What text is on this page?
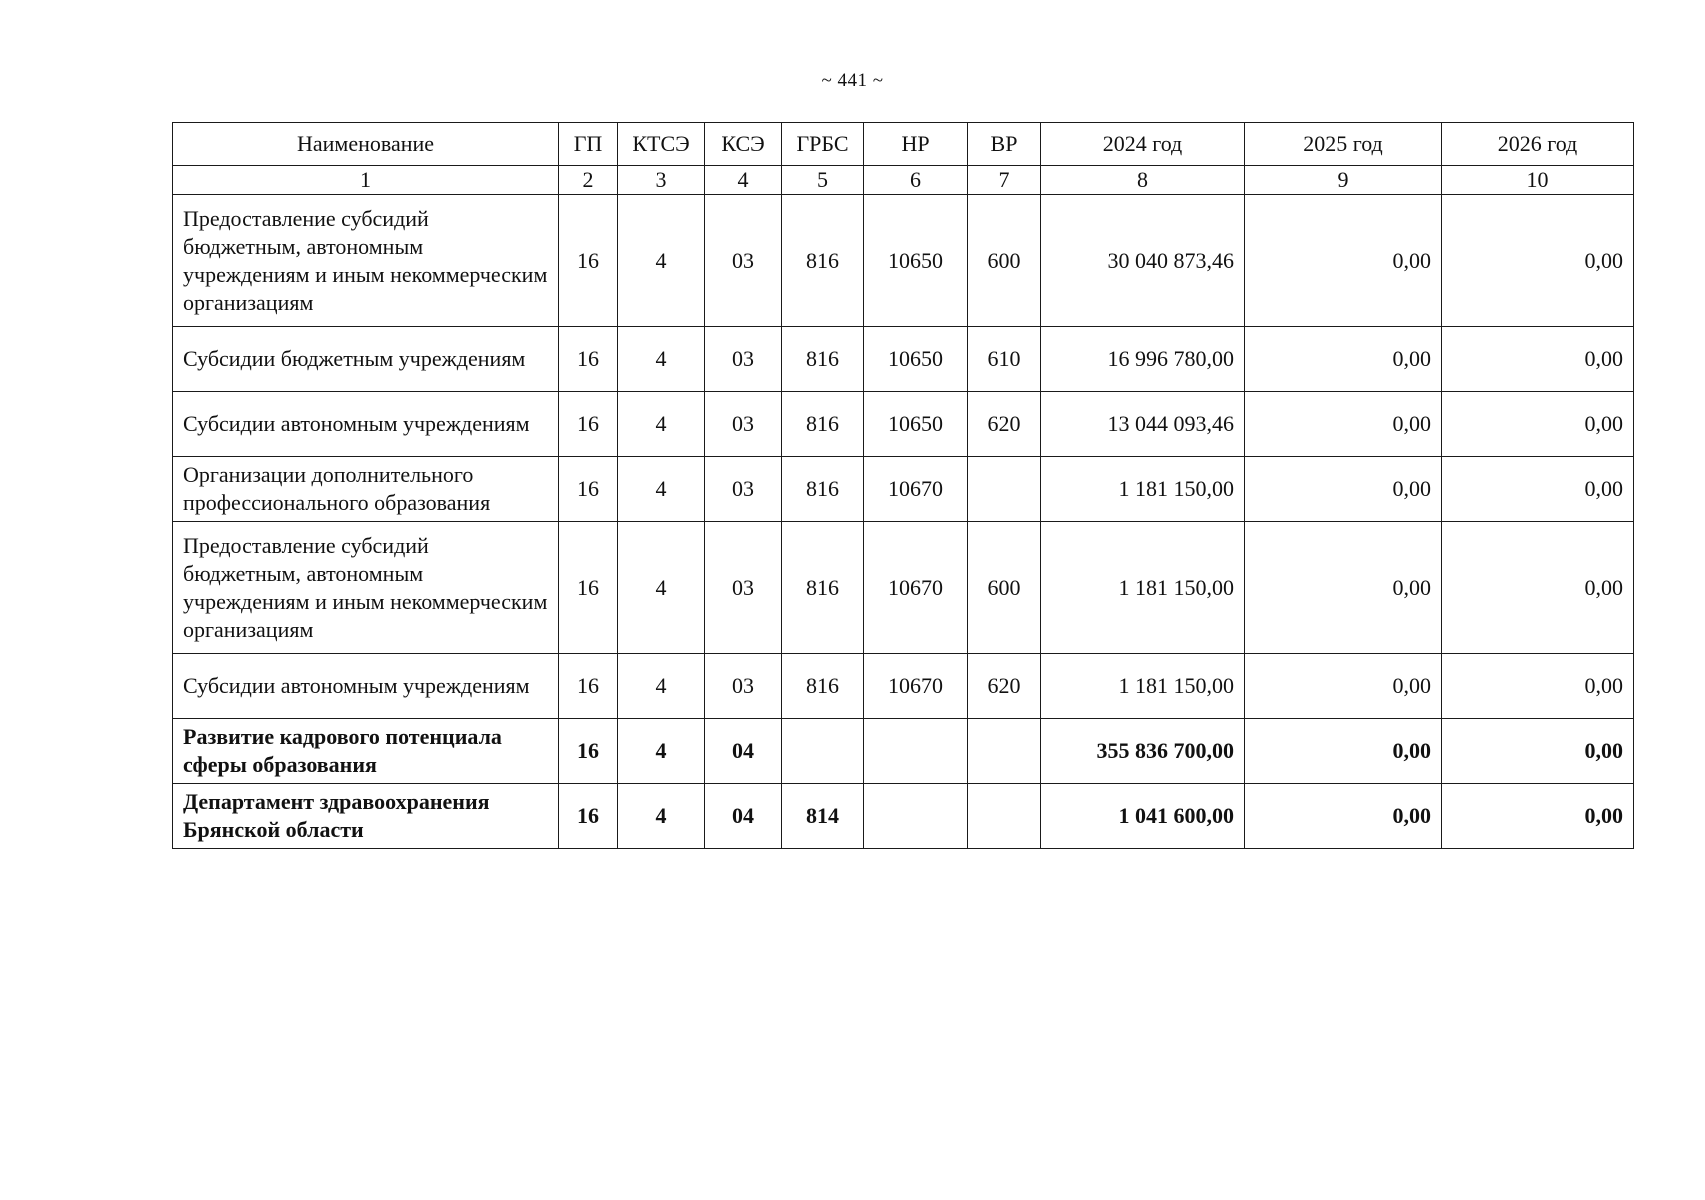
~ 441 ~
Наименование	ГП	КТСЭ	КСЭ	ГРБС	НР	ВР	2024 год	2025 год	2026 год
1	2	3	4	5	6	7	8	9	10
Предоставление субсидий бюджетным, автономным учреждениям и иным некоммерческим организациям	16	4	03	816	10650	600	30 040 873,46	0,00	0,00
Субсидии бюджетным учреждениям	16	4	03	816	10650	610	16 996 780,00	0,00	0,00
Субсидии автономным учреждениям	16	4	03	816	10650	620	13 044 093,46	0,00	0,00
Организации дополнительного профессионального образования	16	4	03	816	10670		1 181 150,00	0,00	0,00
Предоставление субсидий бюджетным, автономным учреждениям и иным некоммерческим организациям	16	4	03	816	10670	600	1 181 150,00	0,00	0,00
Субсидии автономным учреждениям	16	4	03	816	10670	620	1 181 150,00	0,00	0,00
Развитие кадрового потенциала сферы образования	16	4	04				355 836 700,00	0,00	0,00
Департамент здравоохранения Брянской области	16	4	04	814			1 041 600,00	0,00	0,00
